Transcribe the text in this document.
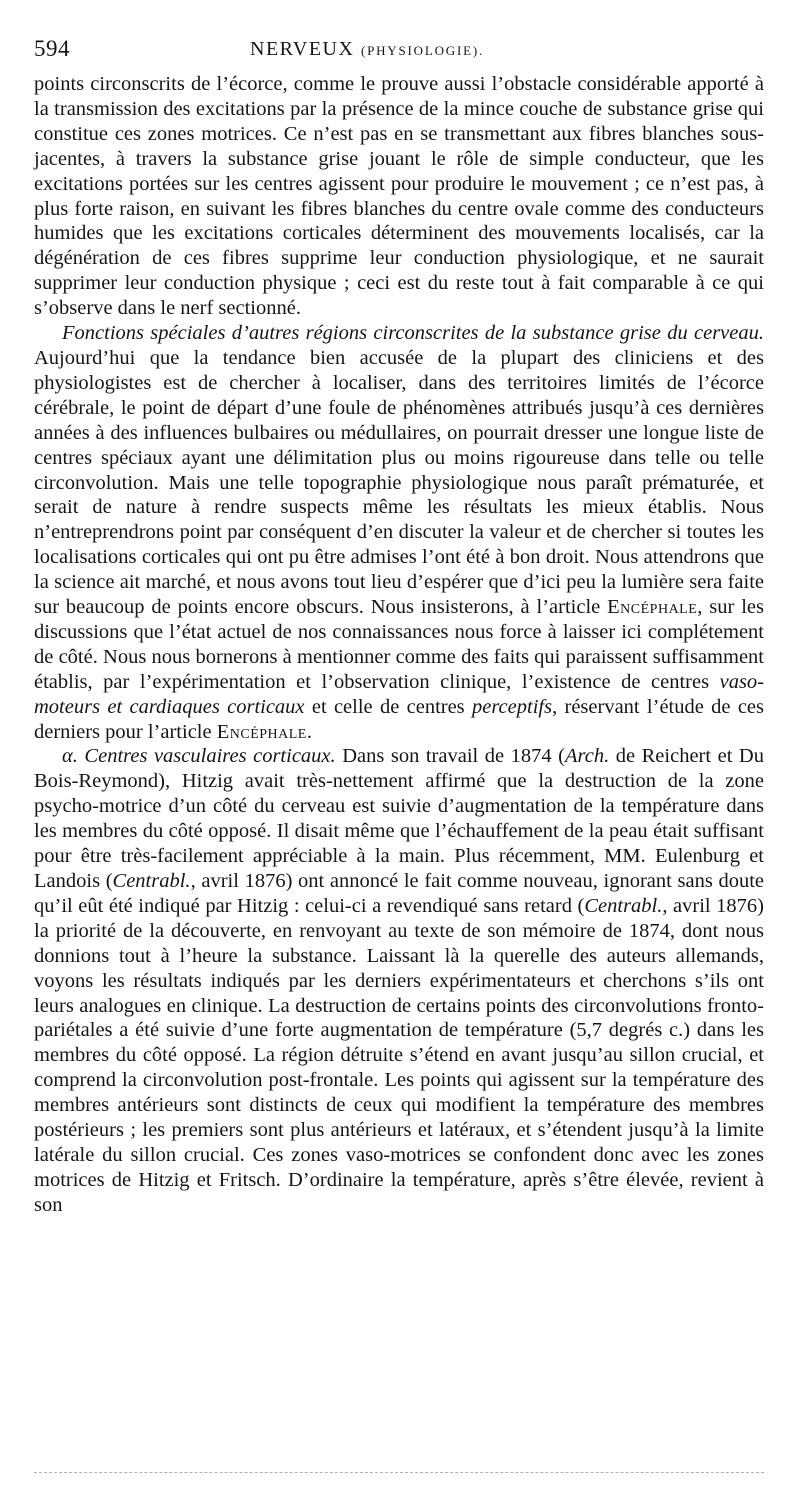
594	NERVEUX (PHYSIOLOGIE).

points circonscrits de l’écorce, comme le prouve aussi l’obstacle considérable apporté à la transmission des excitations par la présence de la mince couche de substance grise qui constitue ces zones motrices. Ce n’est pas en se transmettant aux fibres blanches sous-jacentes, à travers la substance grise jouant le rôle de simple conducteur, que les excitations portées sur les centres agissent pour produire le mouvement ; ce n’est pas, à plus forte raison, en suivant les fibres blanches du centre ovale comme des conducteurs humides que les excitations corticales déterminent des mouvements localisés, car la dégénération de ces fibres supprime leur conduction physiologique, et ne saurait supprimer leur conduction physique ; ceci est du reste tout à fait comparable à ce qui s’observe dans le nerf sectionné.

Fonctions spéciales d’autres régions circonscrites de la substance grise du cerveau. Aujourd’hui que la tendance bien accusée de la plupart des cliniciens et des physiologistes est de chercher à localiser, dans des territoires limités de l’écorce cérébrale, le point de départ d’une foule de phénomènes attribués jusqu’à ces dernières années à des influences bulbaires ou médullaires, on pourrait dresser une longue liste de centres spéciaux ayant une délimitation plus ou moins rigoureuse dans telle ou telle circonvolution. Mais une telle topographie physiologique nous paraît prématurée, et serait de nature à rendre suspects même les résultats les mieux établis. Nous n’entreprendrons point par conséquent d’en discuter la valeur et de chercher si toutes les localisations corticales qui ont pu être admises l’ont été à bon droit. Nous attendrons que la science ait marché, et nous avons tout lieu d’espérer que d’ici peu la lumière sera faite sur beaucoup de points encore obscurs. Nous insisterons, à l’article Encéphale, sur les discussions que l’état actuel de nos connaissances nous force à laisser ici complétement de côté. Nous nous bornerons à mentionner comme des faits qui paraissent suffisamment établis, par l’expérimentation et l’observation clinique, l’existence de centres vaso-moteurs et cardiaques corticaux et celle de centres perceptifs, réservant l’étude de ces derniers pour l’article Encéphale.

α. Centres vasculaires corticaux. Dans son travail de 1874 (Arch. de Reichert et Du Bois-Reymond), Hitzig avait très-nettement affirmé que la destruction de la zone psycho-motrice d’un côté du cerveau est suivie d’augmentation de la température dans les membres du côté opposé. Il disait même que l’échauffement de la peau était suffisant pour être très-facilement appréciable à la main. Plus récemment, MM. Eulenburg et Landois (Centrabl., avril 1876) ont annoncé le fait comme nouveau, ignorant sans doute qu’il eût été indiqué par Hitzig : celui-ci a revendiqué sans retard (Centrabl., avril 1876) la priorité de la découverte, en renvoyant au texte de son mémoire de 1874, dont nous donnions tout à l’heure la substance. Laissant là la querelle des auteurs allemands, voyons les résultats indiqués par les derniers expérimentateurs et cherchons s’ils ont leurs analogues en clinique. La destruction de certains points des circonvolutions fronto-pariétales a été suivie d’une forte augmentation de température (5,7 degrés c.) dans les membres du côté opposé. La région détruite s’étend en avant jusqu’au sillon crucial, et comprend la circonvolution post-frontale. Les points qui agissent sur la température des membres antérieurs sont distincts de ceux qui modifient la température des membres postérieurs ; les premiers sont plus antérieurs et latéraux, et s’étendent jusqu’à la limite latérale du sillon crucial. Ces zones vaso-motrices se confondent donc avec les zones motrices de Hitzig et Fritsch. D’ordinaire la température, après s’être élevée, revient à son
